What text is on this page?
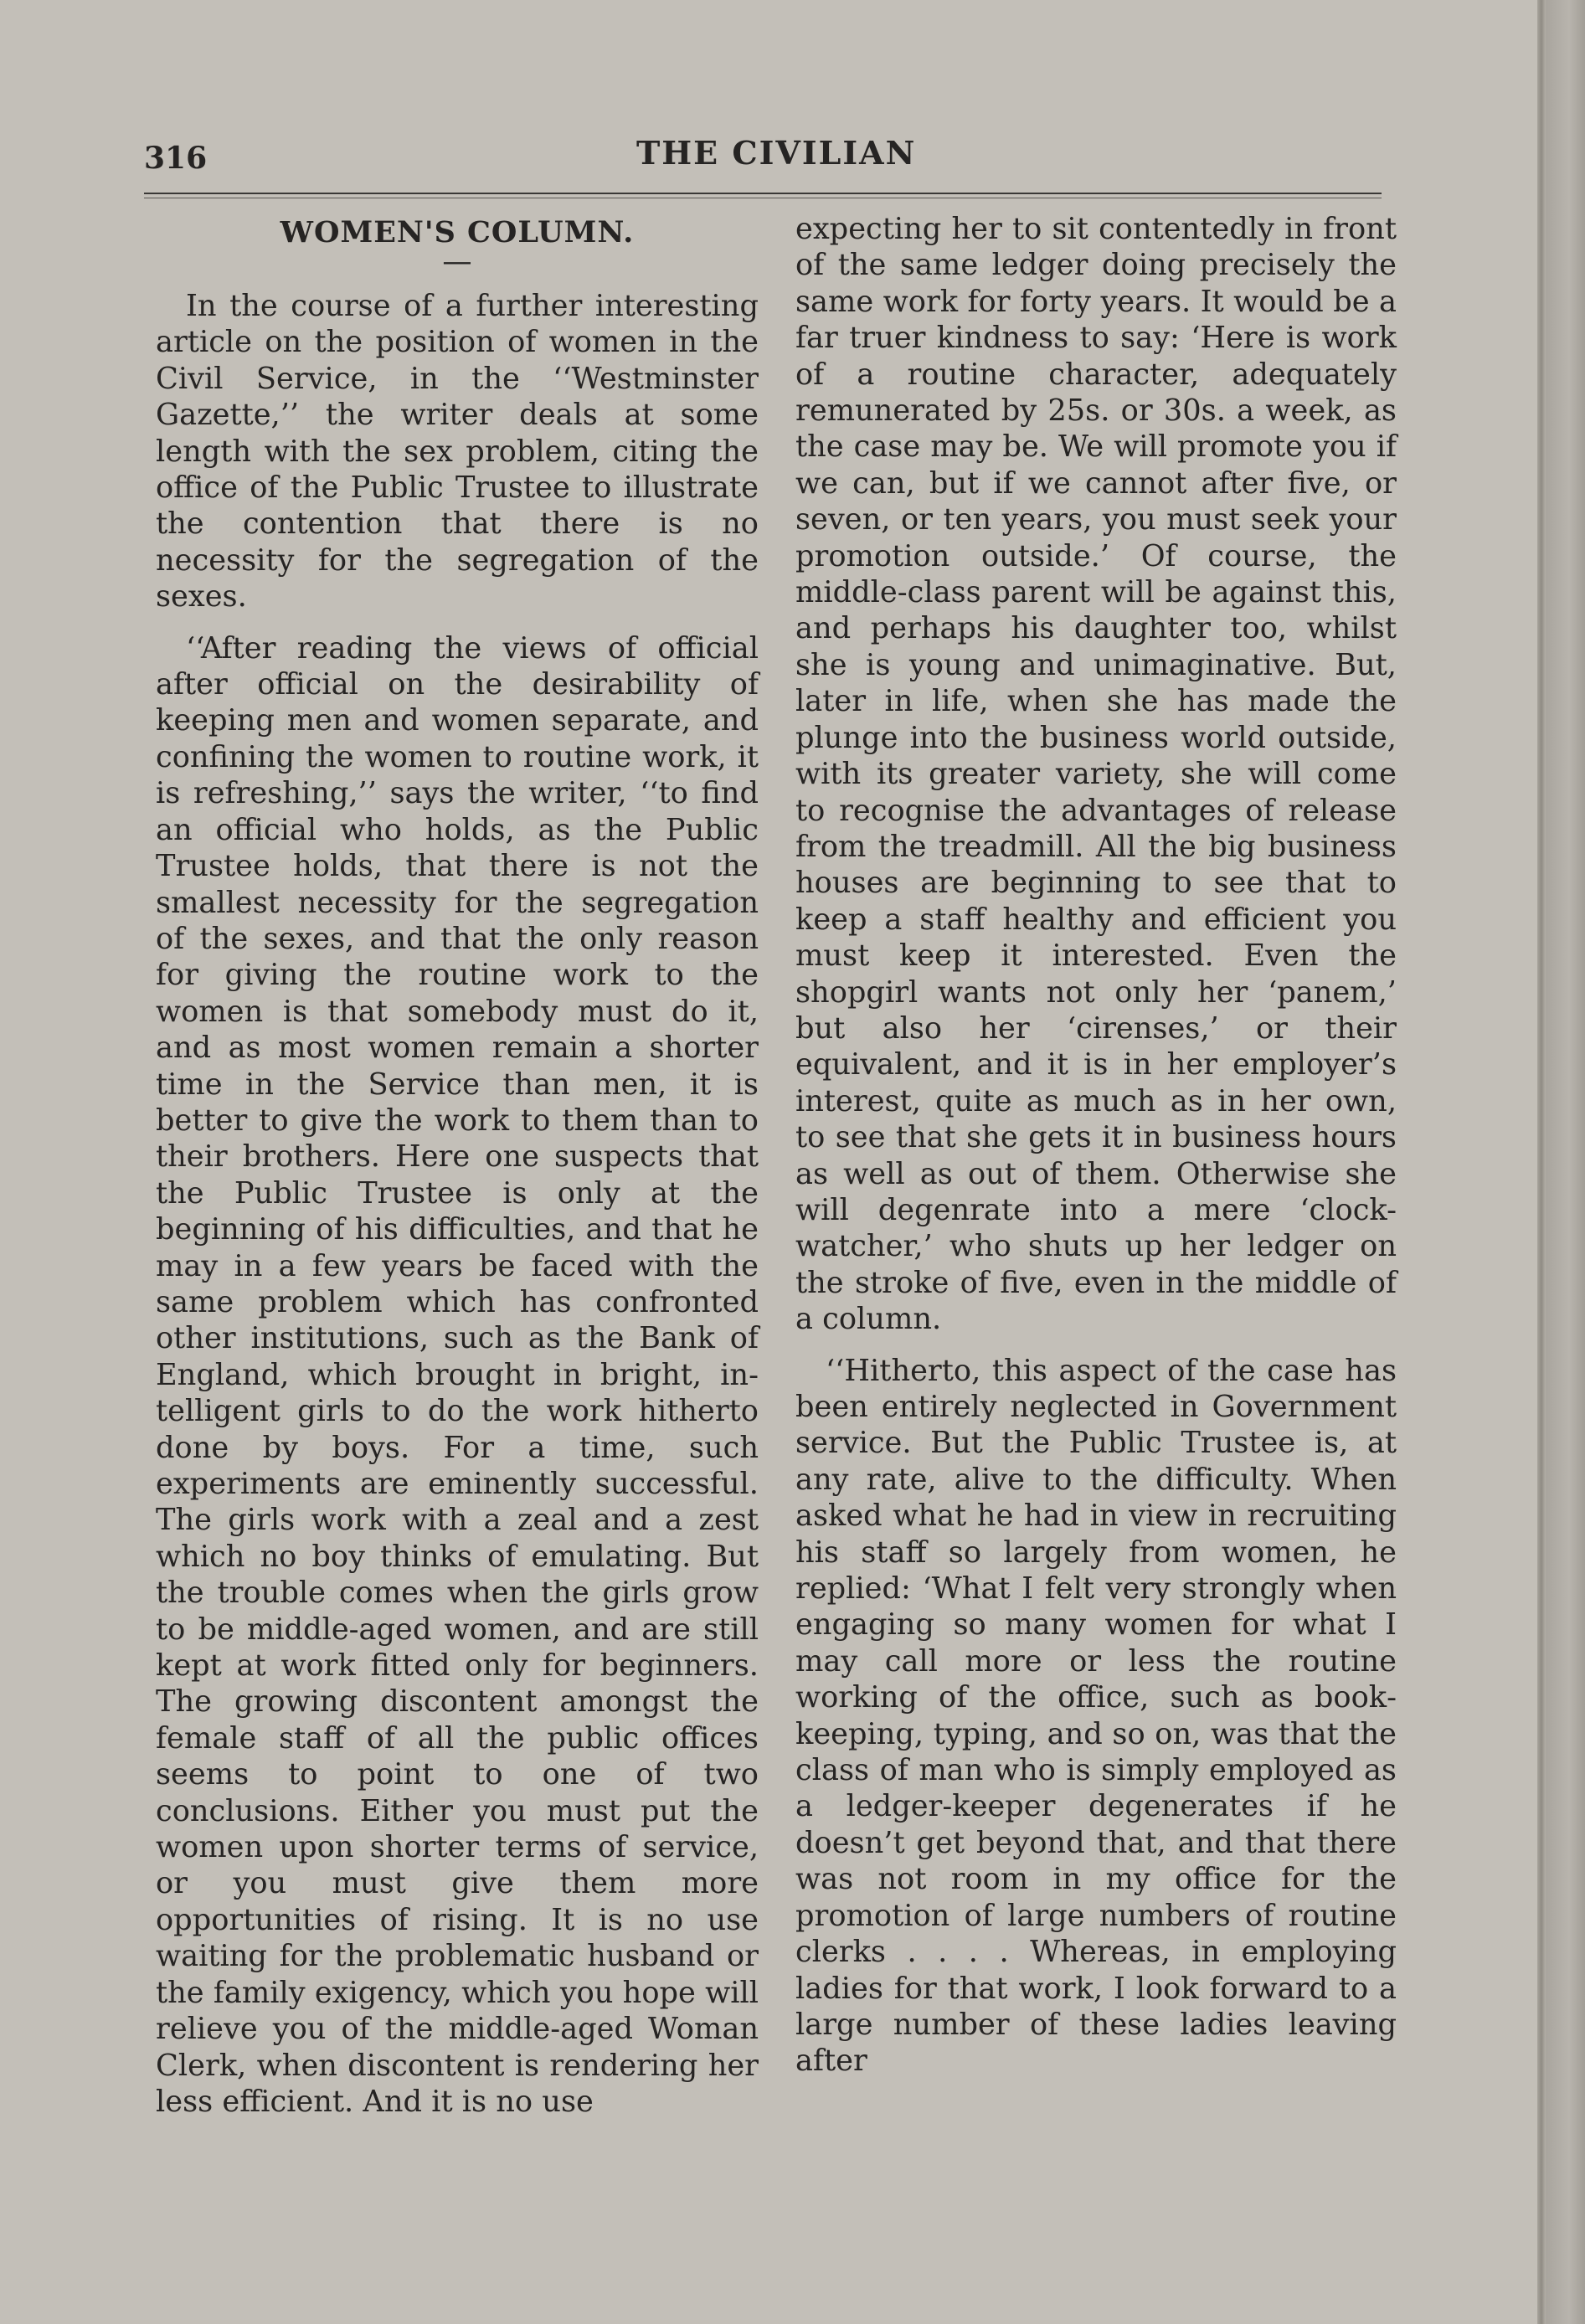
316	THE CIVILIAN
WOMEN'S COLUMN.
—

In the course of a further interesting article on the position of women in the Civil Service, in the ‘‘Westminster Gazette,’’ the writer deals at some length with the sex problem, citing the office of the Public Trustee to illustrate the contention that there is no necessity for the segregation of the sexes.

‘‘After reading the views of official after official on the desirability of keeping men and women separate, and confining the women to routine work, it is refreshing,’’ says the writer, ‘‘to find an official who holds, as the Public Trustee holds, that there is not the smallest necessity for the segregation of the sexes, and that the only reason for giving the routine work to the women is that somebody must do it, and as most women remain a shorter time in the Service than men, it is better to give the work to them than to their brothers. Here one suspects that the Public Trustee is only at the beginning of his difficulties, and that he may in a few years be faced with the same problem which has confronted other institutions, such as the Bank of England, which brought in bright, intelligent girls to do the work hitherto done by boys. For a time, such experiments are eminently successful. The girls work with a zeal and a zest which no boy thinks of emulating. But the trouble comes when the girls grow to be middle-aged women, and are still kept at work fitted only for beginners. The growing discontent amongst the female staff of all the public offices seems to point to one of two conclusions. Either you must put the women upon shorter terms of service, or you must give them more opportunities of rising. It is no use waiting for the problematic husband or the family exigency, which you hope will relieve you of the middle-aged Woman Clerk, when discontent is rendering her less efficient. And it is no use

expecting her to sit contentedly in front of the same ledger doing precisely the same work for forty years. It would be a far truer kindness to say: ‘Here is work of a routine character, adequately remunerated by 25s. or 30s. a week, as the case may be. We will promote you if we can, but if we cannot after five, or seven, or ten years, you must seek your promotion outside.’ Of course, the middle-class parent will be against this, and perhaps his daughter too, whilst she is young and unimaginative. But, later in life, when she has made the plunge into the business world outside, with its greater variety, she will come to recognise the advantages of release from the treadmill. All the big business houses are beginning to see that to keep a staff healthy and efficient you must keep it interested. Even the shopgirl wants not only her ‘panem,’ but also her ‘cirenses,’ or their equivalent, and it is in her employer’s interest, quite as much as in her own, to see that she gets it in business hours as well as out of them. Otherwise she will degenrate into a mere ‘clock-watcher,’ who shuts up her ledger on the stroke of five, even in the middle of a column.

‘‘Hitherto, this aspect of the case has been entirely neglected in Government service. But the Public Trustee is, at any rate, alive to the difficulty. When asked what he had in view in recruiting his staff so largely from women, he replied: ‘What I felt very strongly when engaging so many women for what I may call more or less the routine working of the office, such as bookkeeping, typing, and so on, was that the class of man who is simply employed as a ledger-keeper degenerates if he doesn’t get beyond that, and that there was not room in my office for the promotion of large numbers of routine clerks . . . . Whereas, in employing ladies for that work, I look forward to a large number of these ladies leaving after
